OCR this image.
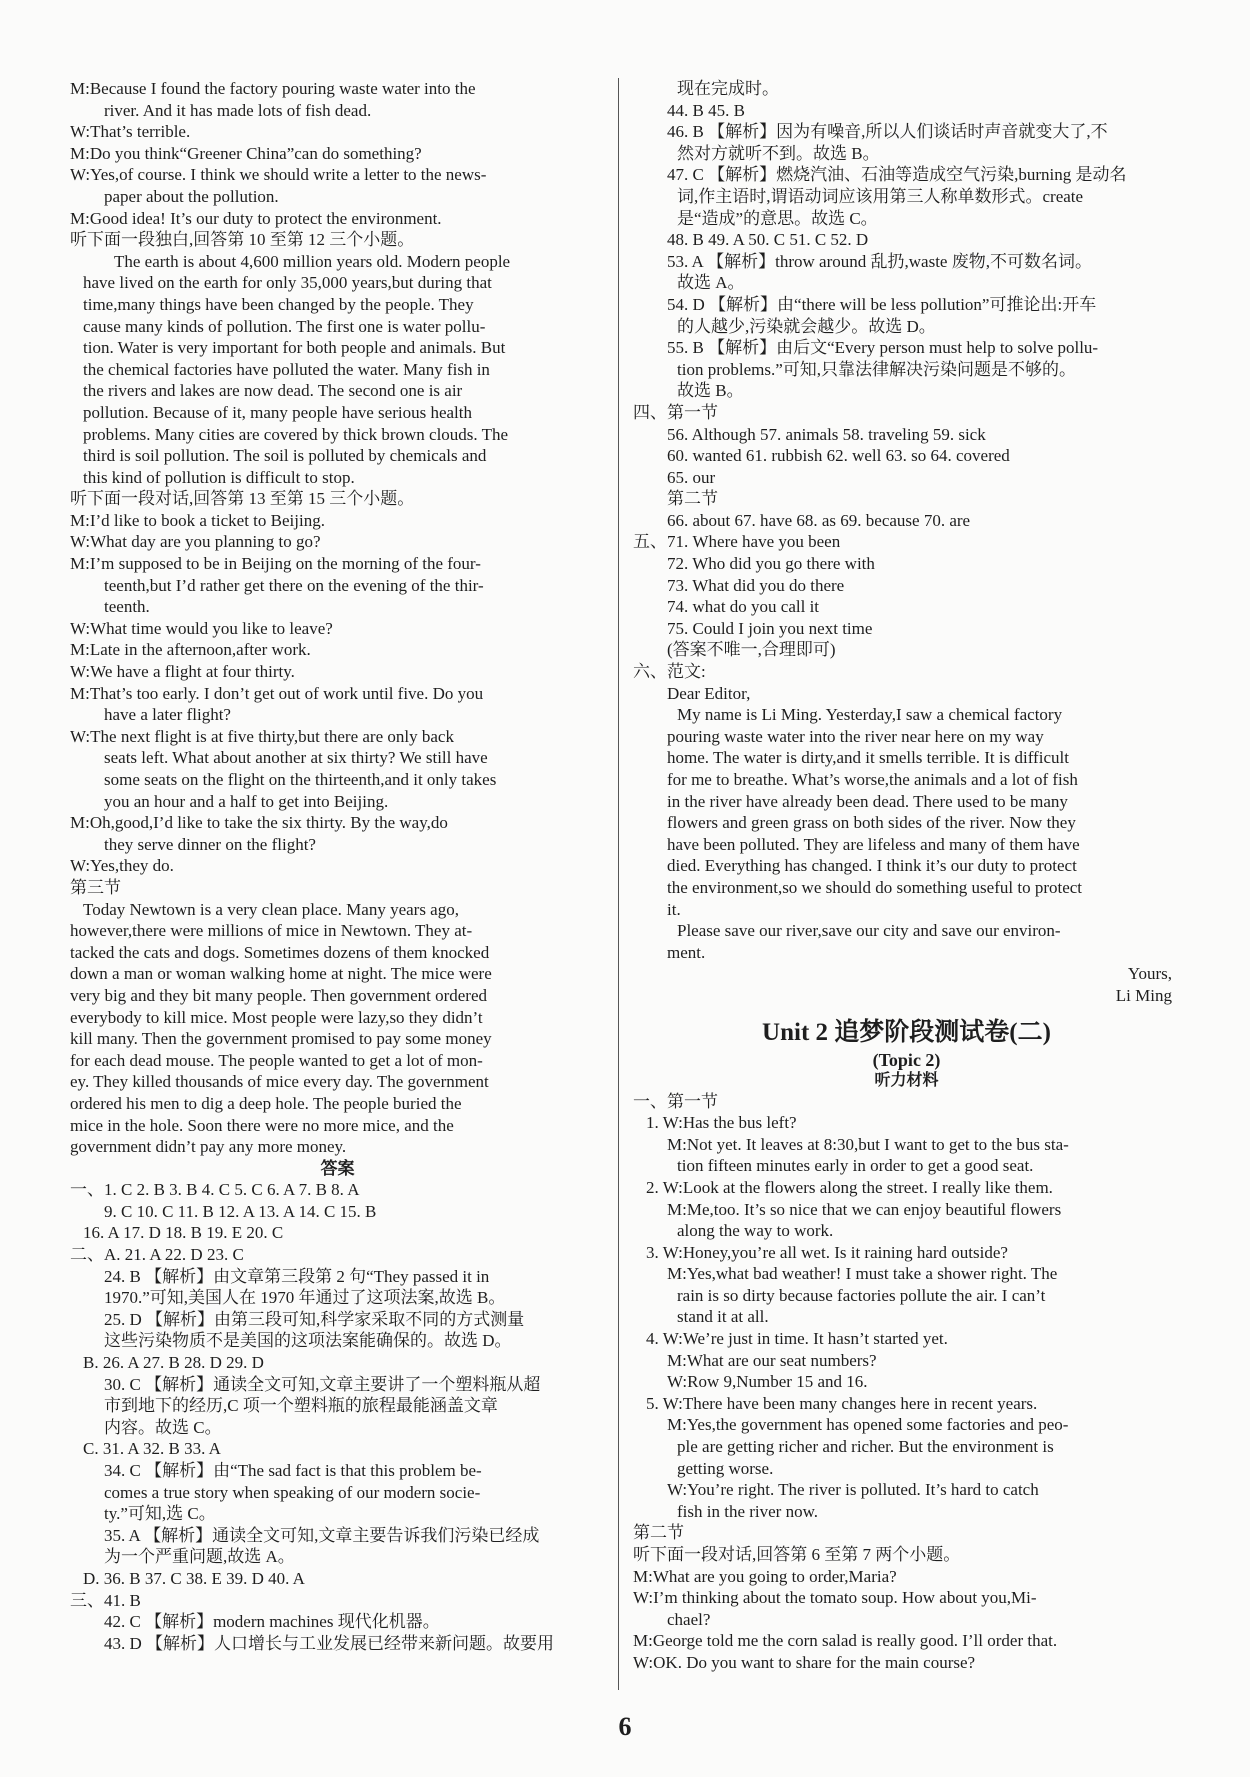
M:Because I found the factory pouring waste water into the
river. And it has made lots of fish dead.
W:That’s terrible.
M:Do you think“Greener China”can do something?
W:Yes,of course. I think we should write a letter to the news-
paper about the pollution.
M:Good idea! It’s our duty to protect the environment.
听下面一段独白,回答第 10 至第 12 三个小题。
The earth is about 4,600 million years old. Modern people
have lived on the earth for only 35,000 years,but during that
time,many things have been changed by the people. They
cause many kinds of pollution. The first one is water pollu-
tion. Water is very important for both people and animals. But
the chemical factories have polluted the water. Many fish in
the rivers and lakes are now dead. The second one is air
pollution. Because of it, many people have serious health
problems. Many cities are covered by thick brown clouds. The
third is soil pollution. The soil is polluted by chemicals and
this kind of pollution is difficult to stop.
听下面一段对话,回答第 13 至第 15 三个小题。
M:I’d like to book a ticket to Beijing.
W:What day are you planning to go?
M:I’m supposed to be in Beijing on the morning of the four-
teenth,but I’d rather get there on the evening of the thir-
teenth.
W:What time would you like to leave?
M:Late in the afternoon,after work.
W:We have a flight at four thirty.
M:That’s too early. I don’t get out of work until five. Do you
have a later flight?
W:The next flight is at five thirty,but there are only back
seats left. What about another at six thirty? We still have
some seats on the flight on the thirteenth,and it only takes
you an hour and a half to get into Beijing.
M:Oh,good,I’d like to take the six thirty. By the way,do
they serve dinner on the flight?
W:Yes,they do.
第三节
Today Newtown is a very clean place. Many years ago,
however,there were millions of mice in Newtown. They at-
tacked the cats and dogs. Sometimes dozens of them knocked
down a man or woman walking home at night. The mice were
very big and they bit many people. Then government ordered
everybody to kill mice. Most people were lazy,so they didn’t
kill many. Then the government promised to pay some money
for each dead mouse. The people wanted to get a lot of mon-
ey. They killed thousands of mice every day. The government
ordered his men to dig a deep hole. The people buried the
mice in the hole. Soon there were no more mice, and the
government didn’t pay any more money.
答案
一、1. C 2. B 3. B 4. C 5. C 6. A 7. B 8. A
9. C 10. C 11. B 12. A 13. A 14. C 15. B
16. A 17. D 18. B 19. E 20. C
二、A. 21. A 22. D 23. C
24. B 【解析】由文章第三段第 2 句“They passed it in
1970.”可知,美国人在 1970 年通过了这项法案,故选 B。
25. D 【解析】由第三段可知,科学家采取不同的方式测量
这些污染物质不是美国的这项法案能确保的。故选 D。
B. 26. A 27. B 28. D 29. D
30. C 【解析】通读全文可知,文章主要讲了一个塑料瓶从超
市到地下的经历,C 项一个塑料瓶的旅程最能涵盖文章
内容。故选 C。
C. 31. A 32. B 33. A
34. C 【解析】由“The sad fact is that this problem be-
comes a true story when speaking of our modern socie-
ty.”可知,选 C。
35. A 【解析】通读全文可知,文章主要告诉我们污染已经成
为一个严重问题,故选 A。
D. 36. B 37. C 38. E 39. D 40. A
三、41. B
42. C 【解析】modern machines 现代化机器。
43. D 【解析】人口增长与工业发展已经带来新问题。故要用
现在完成时。
44. B 45. B
46. B 【解析】因为有噪音,所以人们谈话时声音就变大了,不
然对方就听不到。故选 B。
47. C 【解析】燃烧汽油、石油等造成空气污染,burning 是动名
词,作主语时,谓语动词应该用第三人称单数形式。create
是“造成”的意思。故选 C。
48. B 49. A 50. C 51. C 52. D
53. A 【解析】throw around 乱扔,waste 废物,不可数名词。
故选 A。
54. D 【解析】由“there will be less pollution”可推论出:开车
的人越少,污染就会越少。故选 D。
55. B 【解析】由后文“Every person must help to solve pollu-
tion problems.”可知,只靠法律解决污染问题是不够的。
故选 B。
四、第一节
56. Although 57. animals 58. traveling 59. sick
60. wanted 61. rubbish 62. well 63. so 64. covered
65. our
第二节
66. about 67. have 68. as 69. because 70. are
五、71. Where have you been
72. Who did you go there with
73. What did you do there
74. what do you call it
75. Could I join you next time
(答案不唯一,合理即可)
六、范文:
Dear Editor,
My name is Li Ming. Yesterday,I saw a chemical factory
pouring waste water into the river near here on my way
home. The water is dirty,and it smells terrible. It is difficult
for me to breathe. What’s worse,the animals and a lot of fish
in the river have already been dead. There used to be many
flowers and green grass on both sides of the river. Now they
have been polluted. They are lifeless and many of them have
died. Everything has changed. I think it’s our duty to protect
the environment,so we should do something useful to protect
it.
Please save our river,save our city and save our environ-
ment.
Yours,
Li Ming
Unit 2 追梦阶段测试卷(二)
(Topic 2)
听力材料
一、第一节
1. W:Has the bus left?
M:Not yet. It leaves at 8:30,but I want to get to the bus sta-
tion fifteen minutes early in order to get a good seat.
2. W:Look at the flowers along the street. I really like them.
M:Me,too. It’s so nice that we can enjoy beautiful flowers
along the way to work.
3. W:Honey,you’re all wet. Is it raining hard outside?
M:Yes,what bad weather! I must take a shower right. The
rain is so dirty because factories pollute the air. I can’t
stand it at all.
4. W:We’re just in time. It hasn’t started yet.
M:What are our seat numbers?
W:Row 9,Number 15 and 16.
5. W:There have been many changes here in recent years.
M:Yes,the government has opened some factories and peo-
ple are getting richer and richer. But the environment is
getting worse.
W:You’re right. The river is polluted. It’s hard to catch
fish in the river now.
第二节
听下面一段对话,回答第 6 至第 7 两个小题。
M:What are you going to order,Maria?
W:I’m thinking about the tomato soup. How about you,Mi-
chael?
M:George told me the corn salad is really good. I’ll order that.
W:OK. Do you want to share for the main course?
6
